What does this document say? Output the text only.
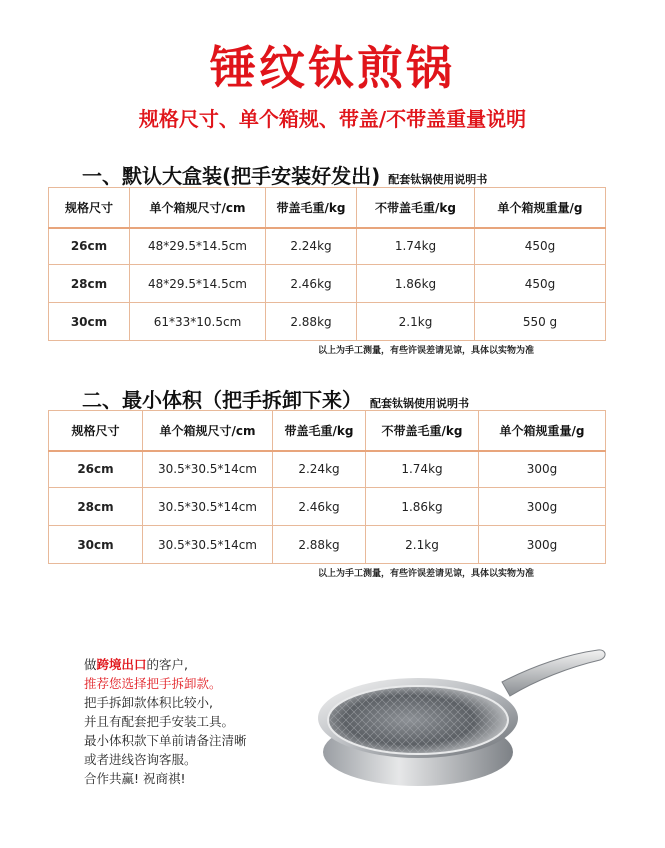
锤纹钛煎锅
规格尺寸、单个箱规、带盖/不带盖重量说明
一、默认大盒装(把手安装好发出) 配套钛锅使用说明书
规格尺寸	单个箱规尺寸/cm	带盖毛重/kg	不带盖毛重/kg	单个箱规重量/g
26cm	48*29.5*14.5cm	2.24kg	1.74kg	450g
28cm	48*29.5*14.5cm	2.46kg	1.86kg	450g
30cm	61*33*10.5cm	2.88kg	2.1kg	550 g
以上为手工测量，有些许误差请见谅，具体以实物为准
二、最小体积（把手拆卸下来） 配套钛锅使用说明书
规格尺寸	单个箱规尺寸/cm	带盖毛重/kg	不带盖毛重/kg	单个箱规重量/g
26cm	30.5*30.5*14cm	2.24kg	1.74kg	300g
28cm	30.5*30.5*14cm	2.46kg	1.86kg	300g
30cm	30.5*30.5*14cm	2.88kg	2.1kg	300g
以上为手工测量，有些许误差请见谅，具体以实物为准
做跨境出口的客户,
推荐您选择把手拆卸款。
把手拆卸款体积比较小,
并且有配套把手安装工具。
最小体积款下单前请备注清晰
或者进线咨询客服。
合作共赢! 祝商祺!
